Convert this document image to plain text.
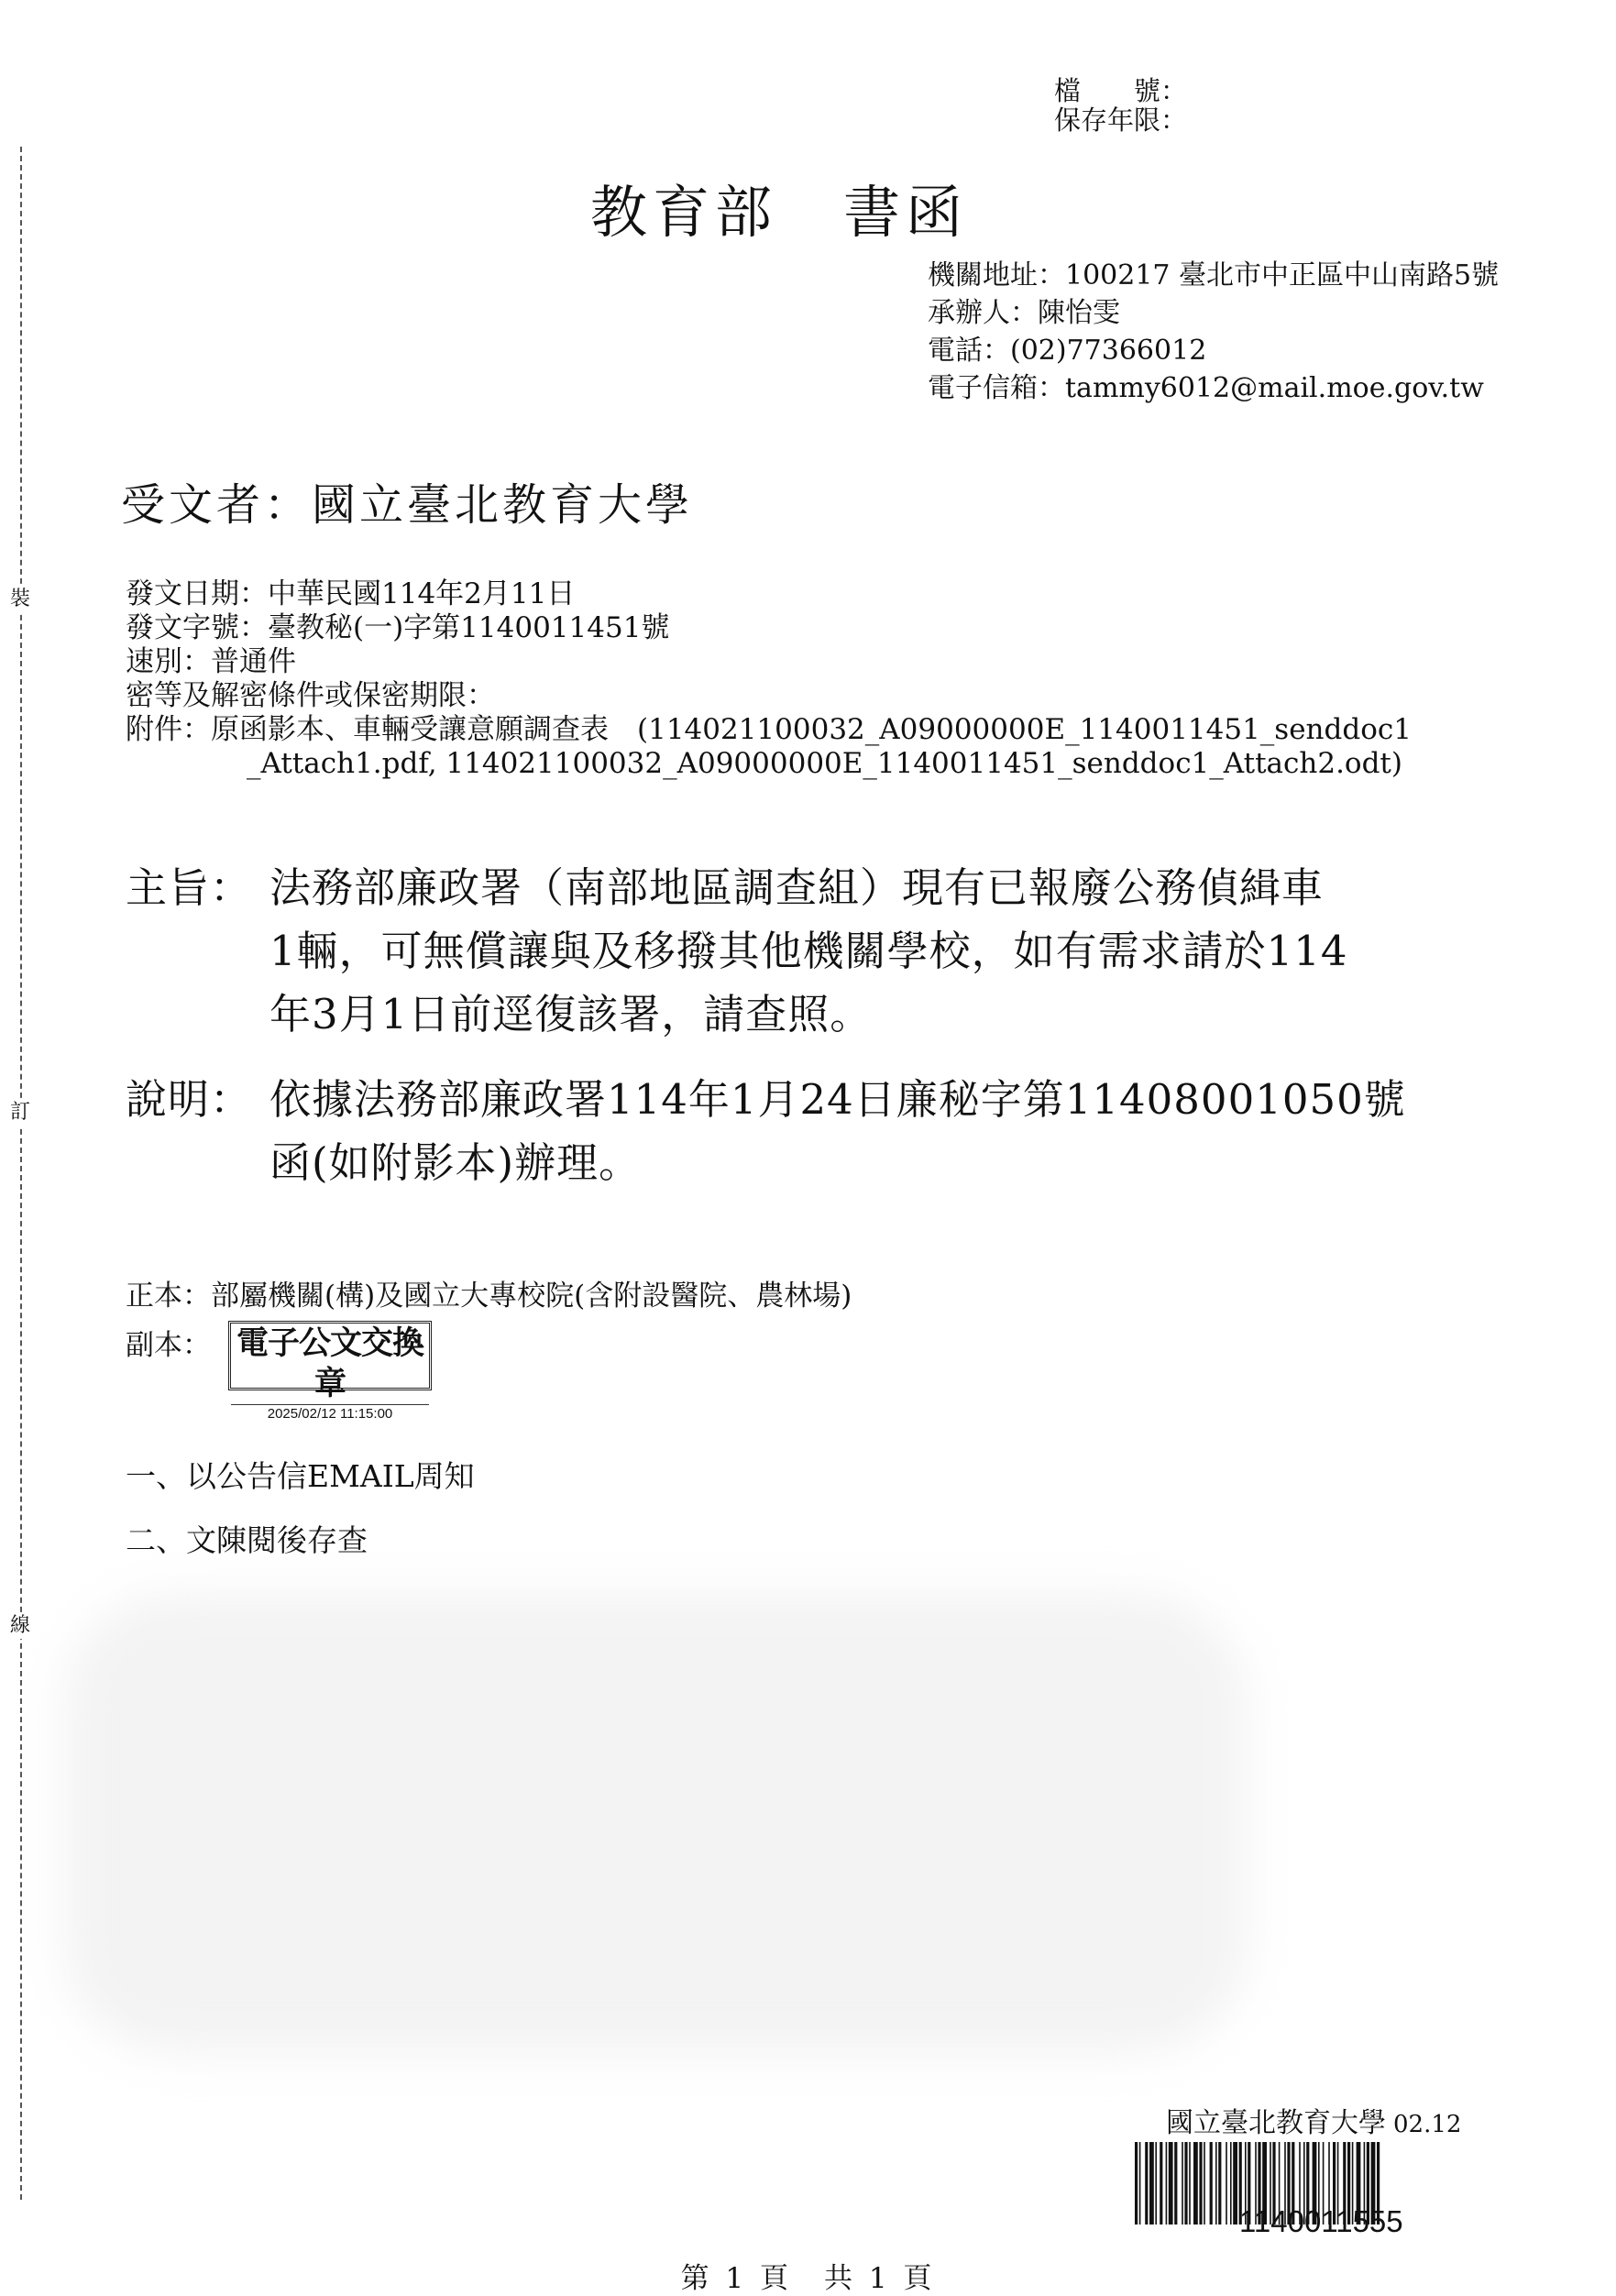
裝
訂
線
檔　　號：
保存年限：
教育部 書函
機關地址：100217 臺北市中正區中山南路5號
承辦人：陳怡雯
電話：(02)77366012
電子信箱：tammy6012@mail.moe.gov.tw
受文者：國立臺北教育大學
發文日期：中華民國114年2月11日
發文字號：臺教秘(一)字第1140011451號
速別：普通件
密等及解密條件或保密期限：
附件：原函影本、車輛受讓意願調查表　(114021100032_A09000000E_1140011451_senddoc1
_Attach1.pdf, 114021100032_A09000000E_1140011451_senddoc1_Attach2.odt)
主旨： 法務部廉政署（南部地區調查組）現有已報廢公務偵緝車
1輛，可無償讓與及移撥其他機關學校，如有需求請於114
年3月1日前逕復該署，請查照。
說明： 依據法務部廉政署114年1月24日廉秘字第11408001050號
函(如附影本)辦理。
正本：部屬機關(構)及國立大專校院(含附設醫院、農林場)
副本： 電子公文交換章
2025/02/12 11:15:00
一、以公告信EMAIL周知
二、文陳閱後存查
國立臺北教育大學 02.12
1140011555
第 1 頁　共 1 頁
